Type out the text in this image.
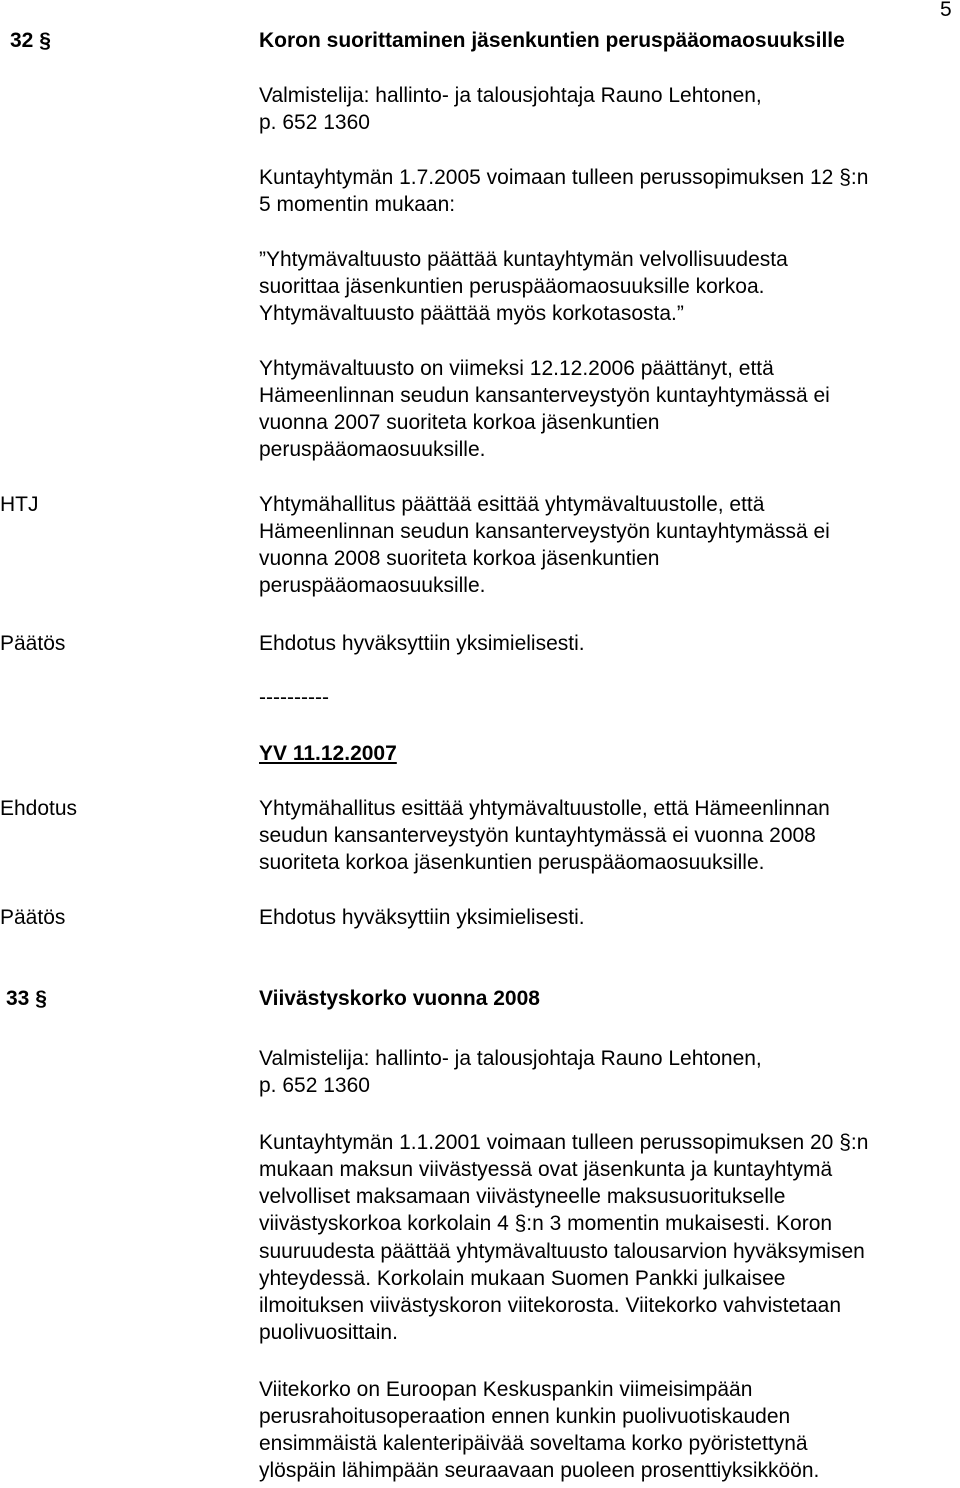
5
32 §	Koron suorittaminen jäsenkuntien peruspääomaosuuksille
Valmistelija: hallinto- ja talousjohtaja Rauno Lehtonen,
p. 652 1360
Kuntayhtymän 1.7.2005 voimaan tulleen perussopimuksen 12 §:n
5 momentin mukaan:
”Yhtymävaltuusto päättää kuntayhtymän velvollisuudesta
suorittaa jäsenkuntien peruspääomaosuuksille korkoa.
Yhtymävaltuusto päättää myös korkotasosta.”
Yhtymävaltuusto on viimeksi 12.12.2006 päättänyt, että
Hämeenlinnan seudun kansanterveystyön kuntayhtymässä ei
vuonna 2007 suoriteta korkoa jäsenkuntien
peruspääomaosuuksille.
HTJ	Yhtymähallitus päättää esittää yhtymävaltuustolle, että
Hämeenlinnan seudun kansanterveystyön kuntayhtymässä ei
vuonna 2008 suoriteta korkoa jäsenkuntien
peruspääomaosuuksille.
Päätös	Ehdotus hyväksyttiin yksimielisesti.
----------
YV 11.12.2007
Ehdotus	Yhtymähallitus esittää yhtymävaltuustolle, että Hämeenlinnan
seudun kansanterveystyön kuntayhtymässä ei vuonna 2008
suoriteta korkoa jäsenkuntien peruspääomaosuuksille.
Päätös	Ehdotus hyväksyttiin yksimielisesti.
33 §	Viivästyskorko vuonna 2008
Valmistelija: hallinto- ja talousjohtaja Rauno Lehtonen,
p. 652 1360
Kuntayhtymän 1.1.2001 voimaan tulleen perussopimuksen 20 §:n
mukaan maksun viivästyessä ovat jäsenkunta ja kuntayhtymä
velvolliset maksamaan viivästyneelle maksusuoritukselle
viivästyskorkoa korkolain 4 §:n 3 momentin mukaisesti. Koron
suuruudesta päättää yhtymävaltuusto talousarvion hyväksymisen
yhteydessä. Korkolain mukaan Suomen Pankki julkaisee
ilmoituksen viivästyskoron viitekorosta. Viitekorko vahvistetaan
puolivuosittain.
Viitekorko on Euroopan Keskuspankin viimeisimpään
perusrahoitusoperaation ennen kunkin puolivuotiskauden
ensimmäistä kalenteripäivää soveltama korko pyöristettynä
ylöspäin lähimpään seuraavaan puoleen prosenttiyksikköön.
